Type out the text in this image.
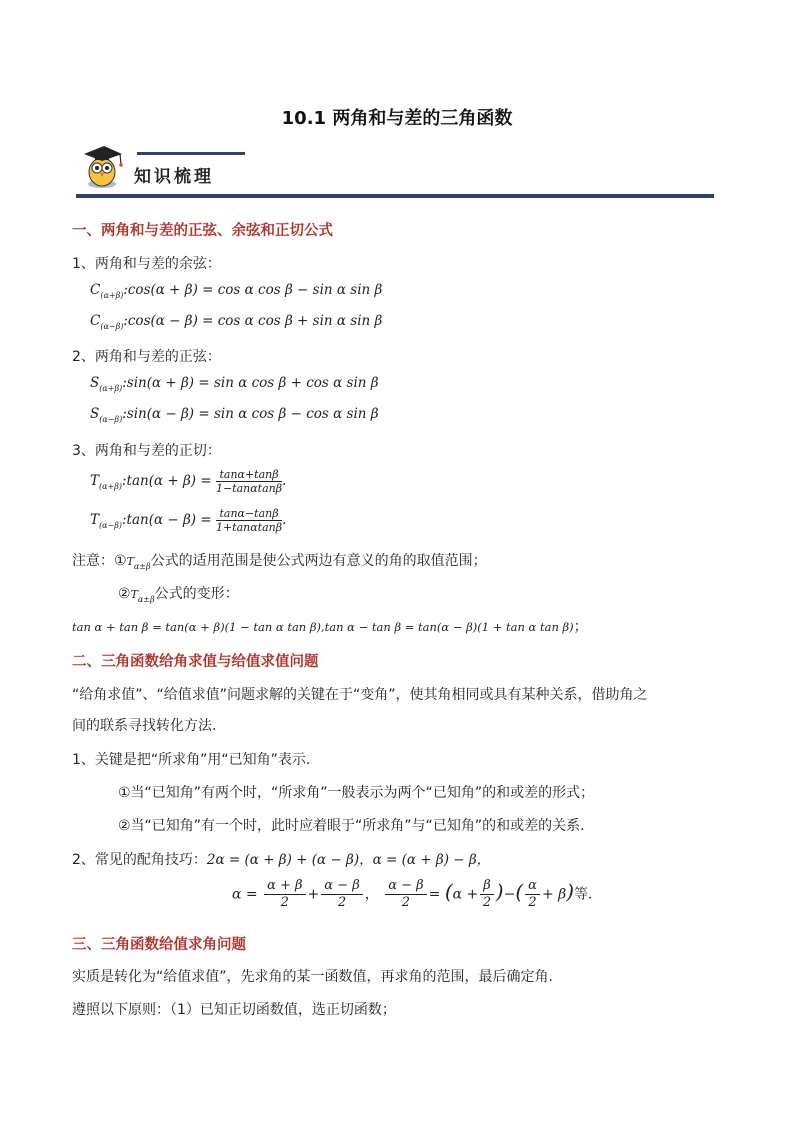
10.1 两角和与差的三角函数
知识梳理
一、两角和与差的正弦、余弦和正切公式
1、两角和与差的余弦：
$C_{(\alpha+\beta)}:\cos(\alpha + \beta) = \cos \alpha$ cos β − sin α sin β
$C_{(\alpha-\beta)}:\cos(\alpha - \beta) = \cos \alpha$ cos β + sin α sin β
2、两角和与差的正弦：
$S_{(\alpha+\beta)}:\sin(\alpha + \beta) = \sin \alpha$ cos β + cos α sin β
$S_{(\alpha-\beta)}:\sin(\alpha - \beta) = \sin \alpha$ cos β − cos α sin β
3、两角和与差的正切：
$T_{(\alpha+\beta)}:\tan(\alpha + \beta) = \frac{\tan\alpha+\tan\beta}{1-\tan\alpha\tan\beta}$ .
$T_{(\alpha-\beta)}:\tan(\alpha - \beta) = \frac{\tan\alpha-\tan\beta}{1+\tan\alpha\tan\beta}$ .
注意：$①T_{\alpha\pm\beta}$公式的适用范围是使公式两边有意义的角的取值范围；
$②T_{\alpha\pm\beta}$公式的变形：
tan α + tan β = tan(α + β)(1 − tan α tan β),tan α − tan β = tan(α − β)(1 + tan α tan β)；
二、三角函数给角求值与给值求值问题
“给角求值”、“给值求值”问题求解的关键在于“变角”，使其角相同或具有某种关系，借助角之
间的联系寻找转化方法.
1、关键是把“所求角”用“已知角”表示．
①当“已知角”有两个时，“所求角”一般表示为两个“已知角”的和或差的形式；
②当“已知角”有一个时，此时应着眼于“所求角”与“已知角”的和或差的关系．
2、常见的配角技巧：2α = (α + β) + (α − β)，α = (α + β) − β，
$\alpha = \frac{\alpha + \beta}{2} + \frac{\alpha - \beta}{2}$ ， $\frac{\alpha - \beta}{2} = (\alpha + \frac{\beta}{2}$ )−( $\frac{\alpha}{2} + \beta$)等．
三、三角函数给值求角问题
实质是转化为“给值求值”，先求角的某一函数值，再求角的范围，最后确定角.
遵照以下原则：（1）已知正切函数值，选正切函数；
